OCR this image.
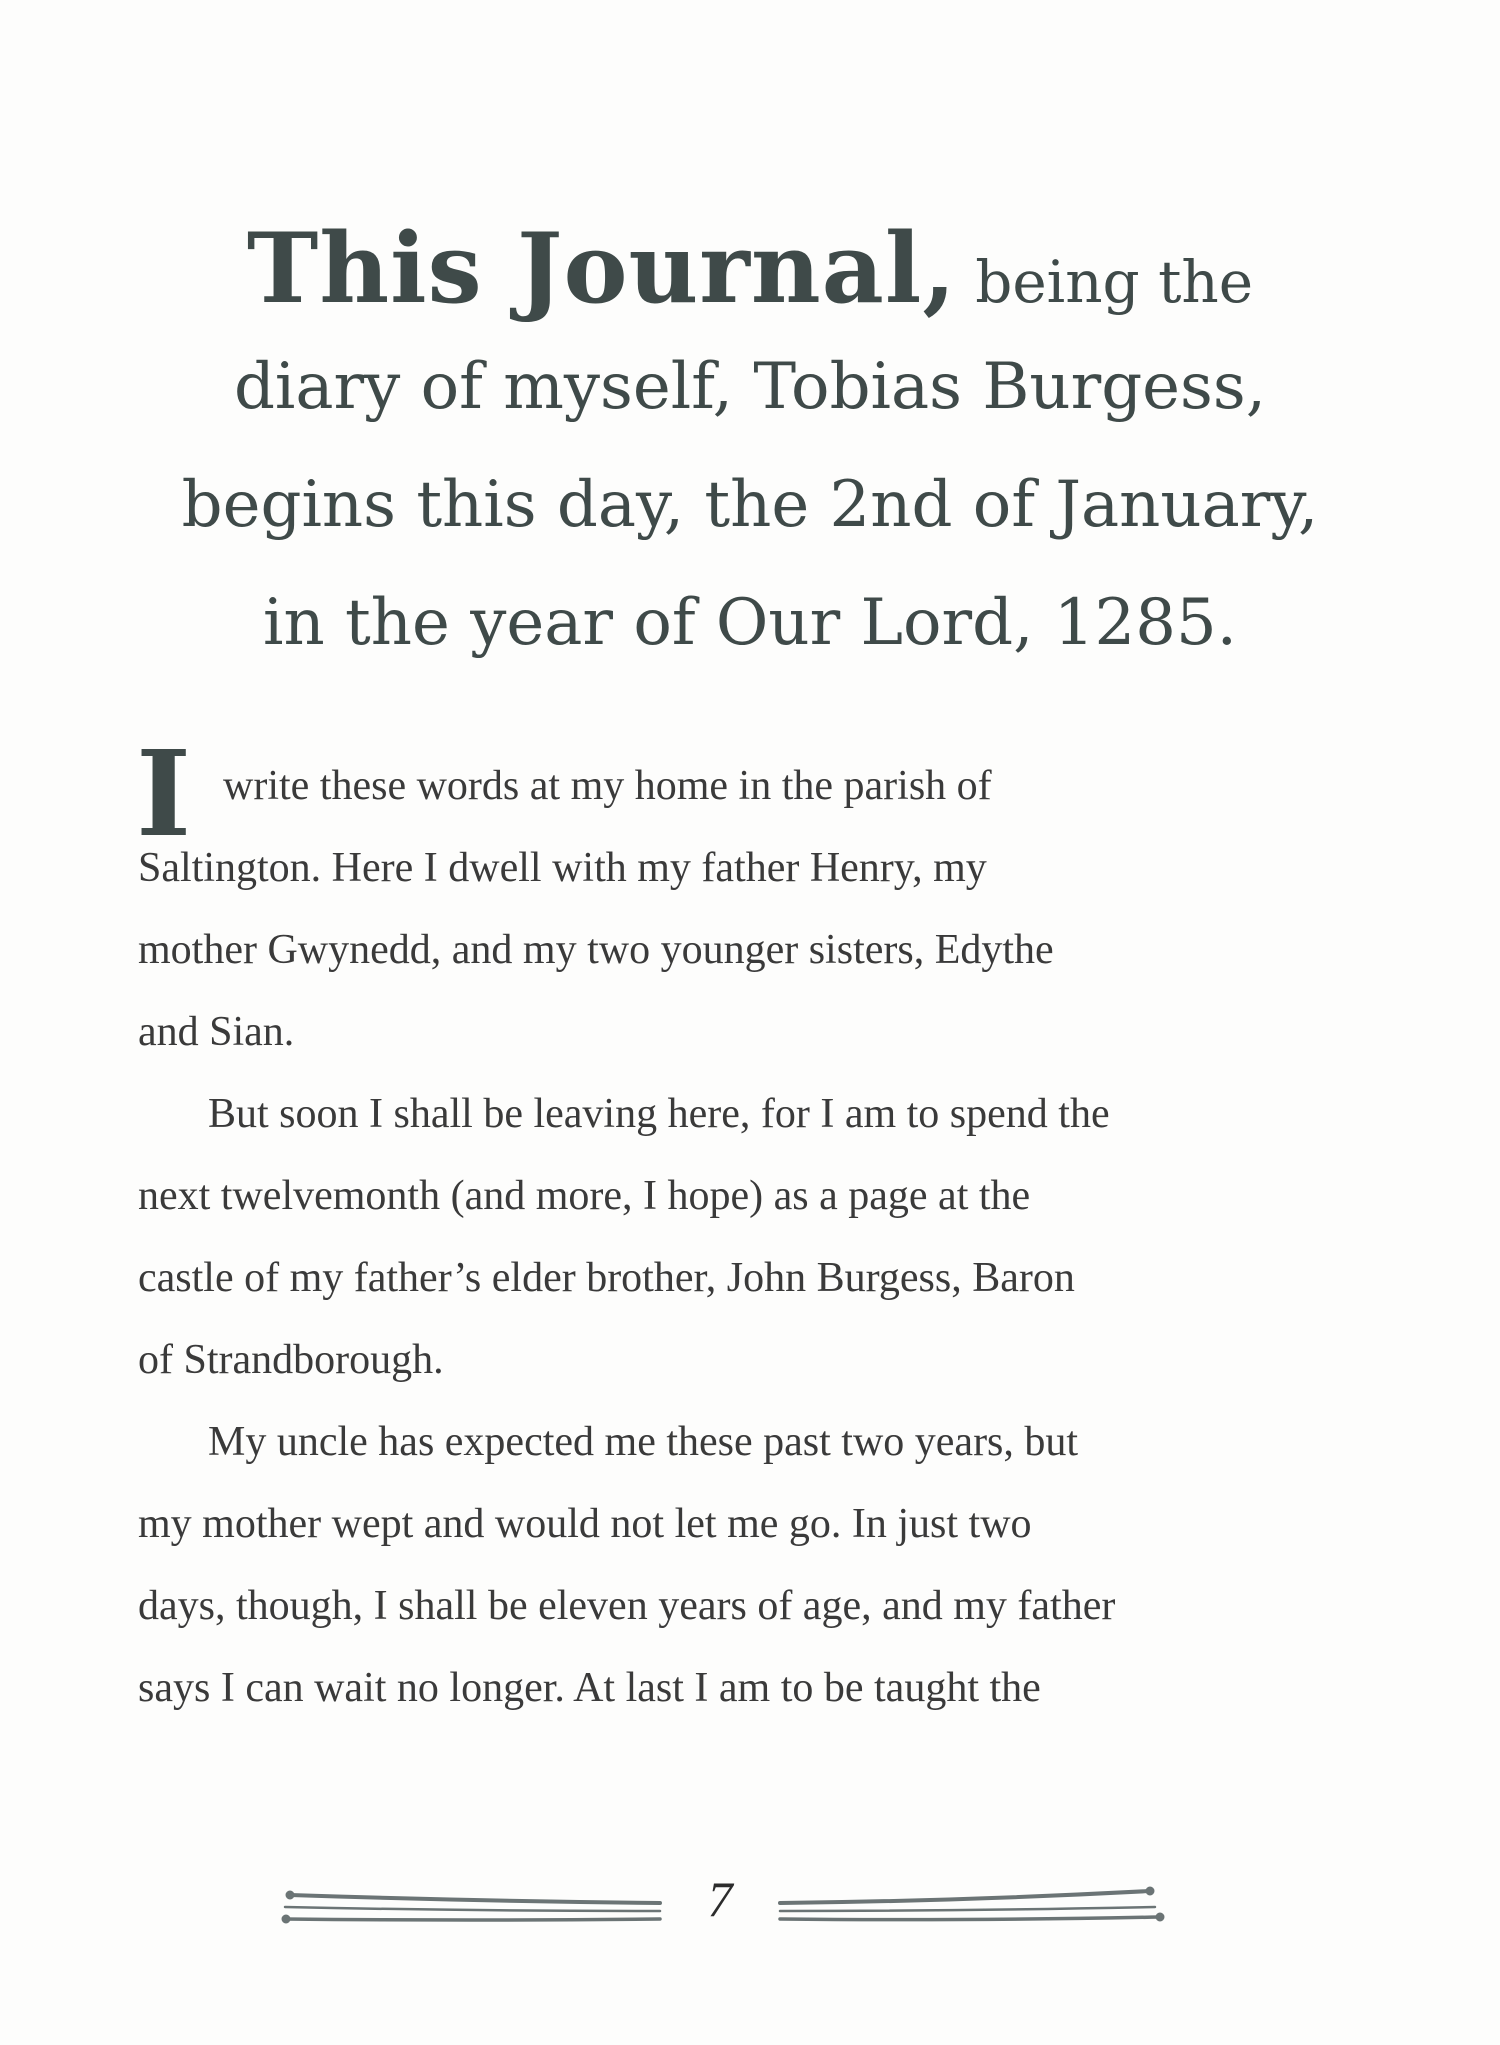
This Journal, being the
diary of myself, Tobias Burgess,
begins this day, the 2nd of January,
in the year of Our Lord, 1285.
I write these words at my home in the parish of
Saltington. Here I dwell with my father Henry, my
mother Gwynedd, and my two younger sisters, Edythe
and Sian.
But soon I shall be leaving here, for I am to spend the
next twelvemonth (and more, I hope) as a page at the
castle of my father’s elder brother, John Burgess, Baron
of Strandborough.
My uncle has expected me these past two years, but
my mother wept and would not let me go. In just two
days, though, I shall be eleven years of age, and my father
says I can wait no longer. At last I am to be taught the
7
